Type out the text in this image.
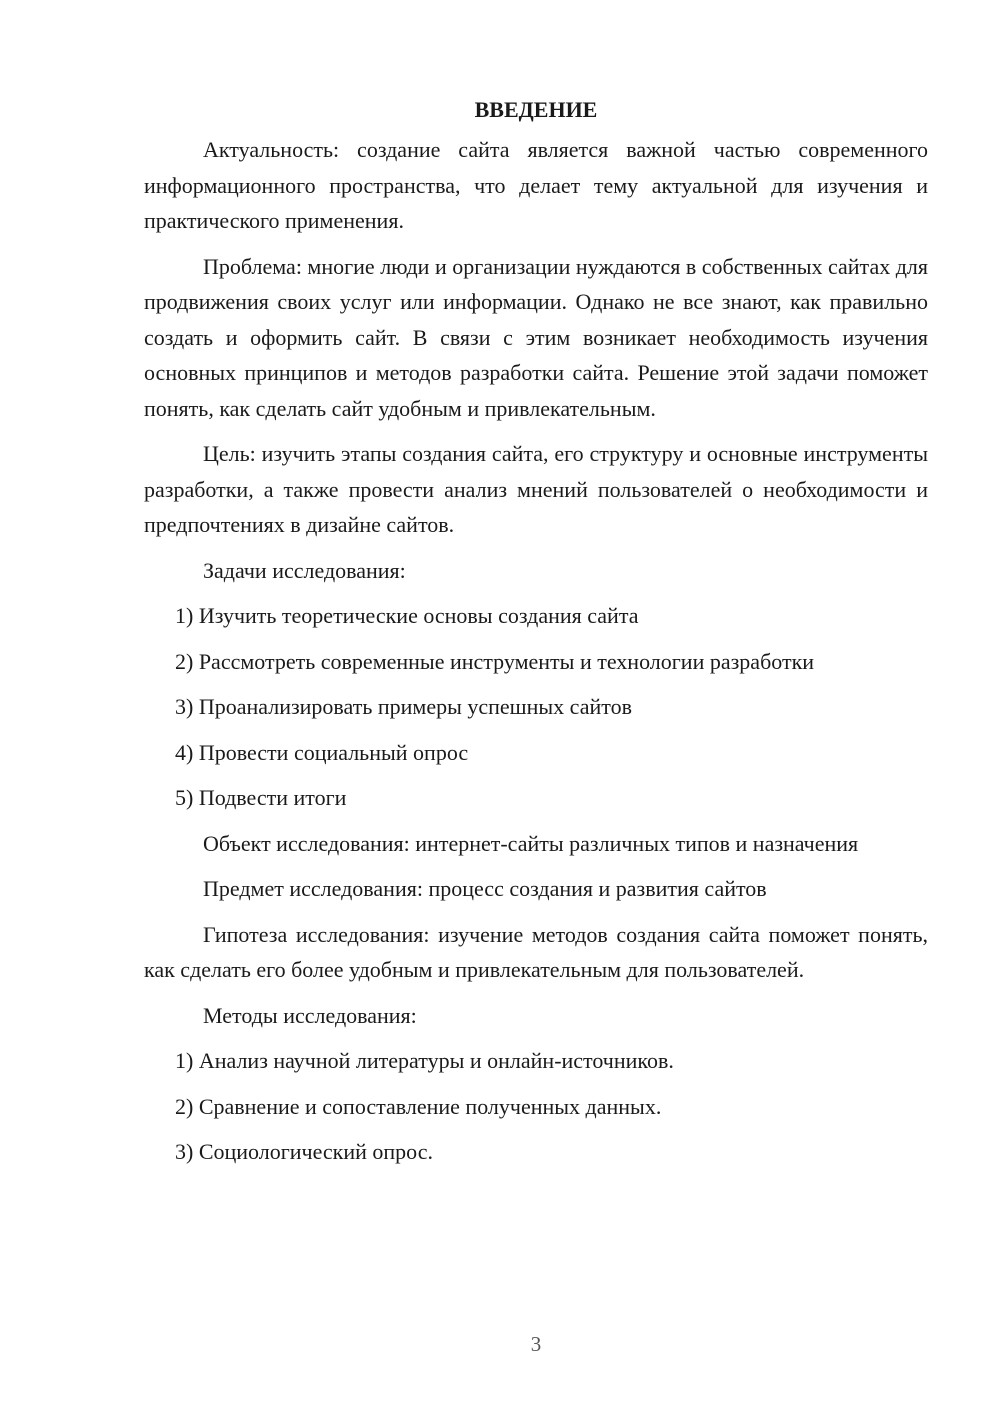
ВВЕДЕНИЕ

Актуальность: создание сайта является важной частью современного информационного пространства, что делает тему актуальной для изучения и практического применения.

Проблема: многие люди и организации нуждаются в собственных сайтах для продвижения своих услуг или информации. Однако не все знают, как правильно создать и оформить сайт. В связи с этим возникает необходимость изучения основных принципов и методов разработки сайта. Решение этой задачи поможет понять, как сделать сайт удобным и привлекательным.

Цель: изучить этапы создания сайта, его структуру и основные инструменты разработки, а также провести анализ мнений пользователей о необходимости и предпочтениях в дизайне сайтов.

Задачи исследования:

1) Изучить теоретические основы создания сайта
2) Рассмотреть современные инструменты и технологии разработки
3) Проанализировать примеры успешных сайтов
4) Провести социальный опрос
5) Подвести итоги

Объект исследования: интернет-сайты различных типов и назначения

Предмет исследования: процесс создания и развития сайтов

Гипотеза исследования: изучение методов создания сайта поможет понять, как сделать его более удобным и привлекательным для пользователей.

Методы исследования:

1) Анализ научной литературы и онлайн-источников.
2) Сравнение и сопоставление полученных данных.
3) Социологический опрос.
3
